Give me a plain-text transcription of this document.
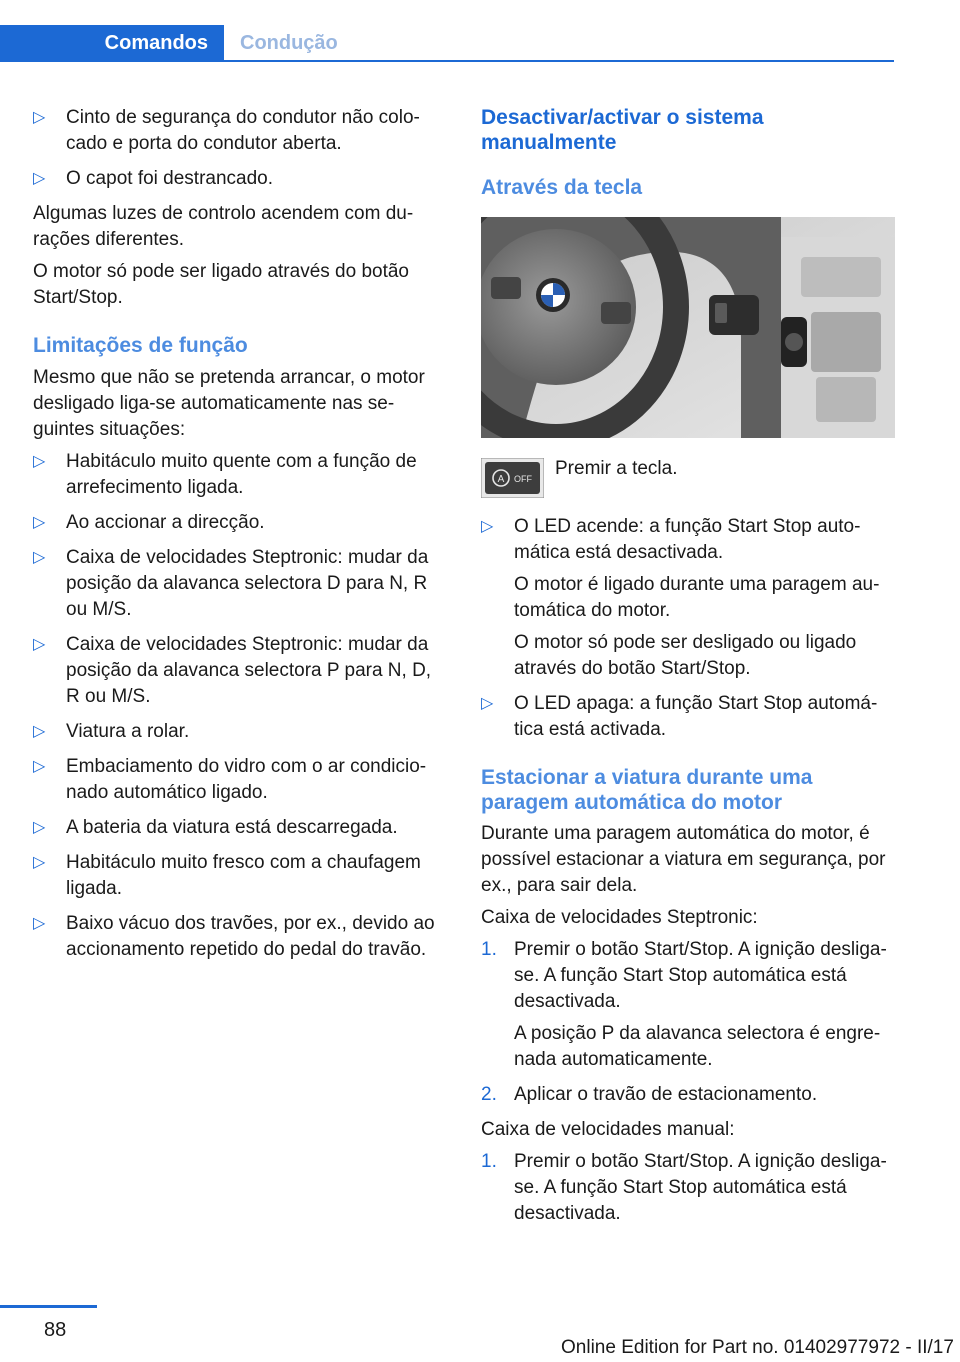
Comandos Condução
▷	Cinto de segurança do condutor não colocado e porta do condutor aberta.
▷	O capot foi destrancado.

Algumas luzes de controlo acendem com durações diferentes.

O motor só pode ser ligado através do botão Start/Stop.

Limitações de função

Mesmo que não se pretenda arrancar, o motor desligado liga-se automaticamente nas seguintes situações:

▷	Habitáculo muito quente com a função de arrefecimento ligada.
▷	Ao accionar a direcção.
▷	Caixa de velocidades Steptronic: mudar da posição da alavanca selectora D para N, R ou M/S.
▷	Caixa de velocidades Steptronic: mudar da posição da alavanca selectora P para N, D, R ou M/S.
▷	Viatura a rolar.
▷	Embaciamento do vidro com o ar condicionado automático ligado.
▷	A bateria da viatura está descarregada.
▷	Habitáculo muito fresco com a chaufagem ligada.
▷	Baixo vácuo dos travões, por ex., devido ao accionamento repetido do pedal do travão.
Desactivar/activar o sistema manualmente
Através da tecla
A OFF Premir a tecla.
▷	O LED acende: a função Start Stop automática está desactivada.

O motor é ligado durante uma paragem automática do motor.

O motor só pode ser desligado ou ligado através do botão Start/Stop.

▷	O LED apaga: a função Start Stop automática está activada.
Estacionar a viatura durante uma paragem automática do motor

Durante uma paragem automática do motor, é possível estacionar a viatura em segurança, por ex., para sair dela.

Caixa de velocidades Steptronic:

1. Premir o botão Start/Stop. A ignição desliga-se. A função Start Stop automática está desactivada.

A posição P da alavanca selectora é engrenada automaticamente.

2. Aplicar o travão de estacionamento.

Caixa de velocidades manual:

1. Premir o botão Start/Stop. A ignição desliga-se. A função Start Stop automática está desactivada.
88
Online Edition for Part no. 01402977972 - II/17
